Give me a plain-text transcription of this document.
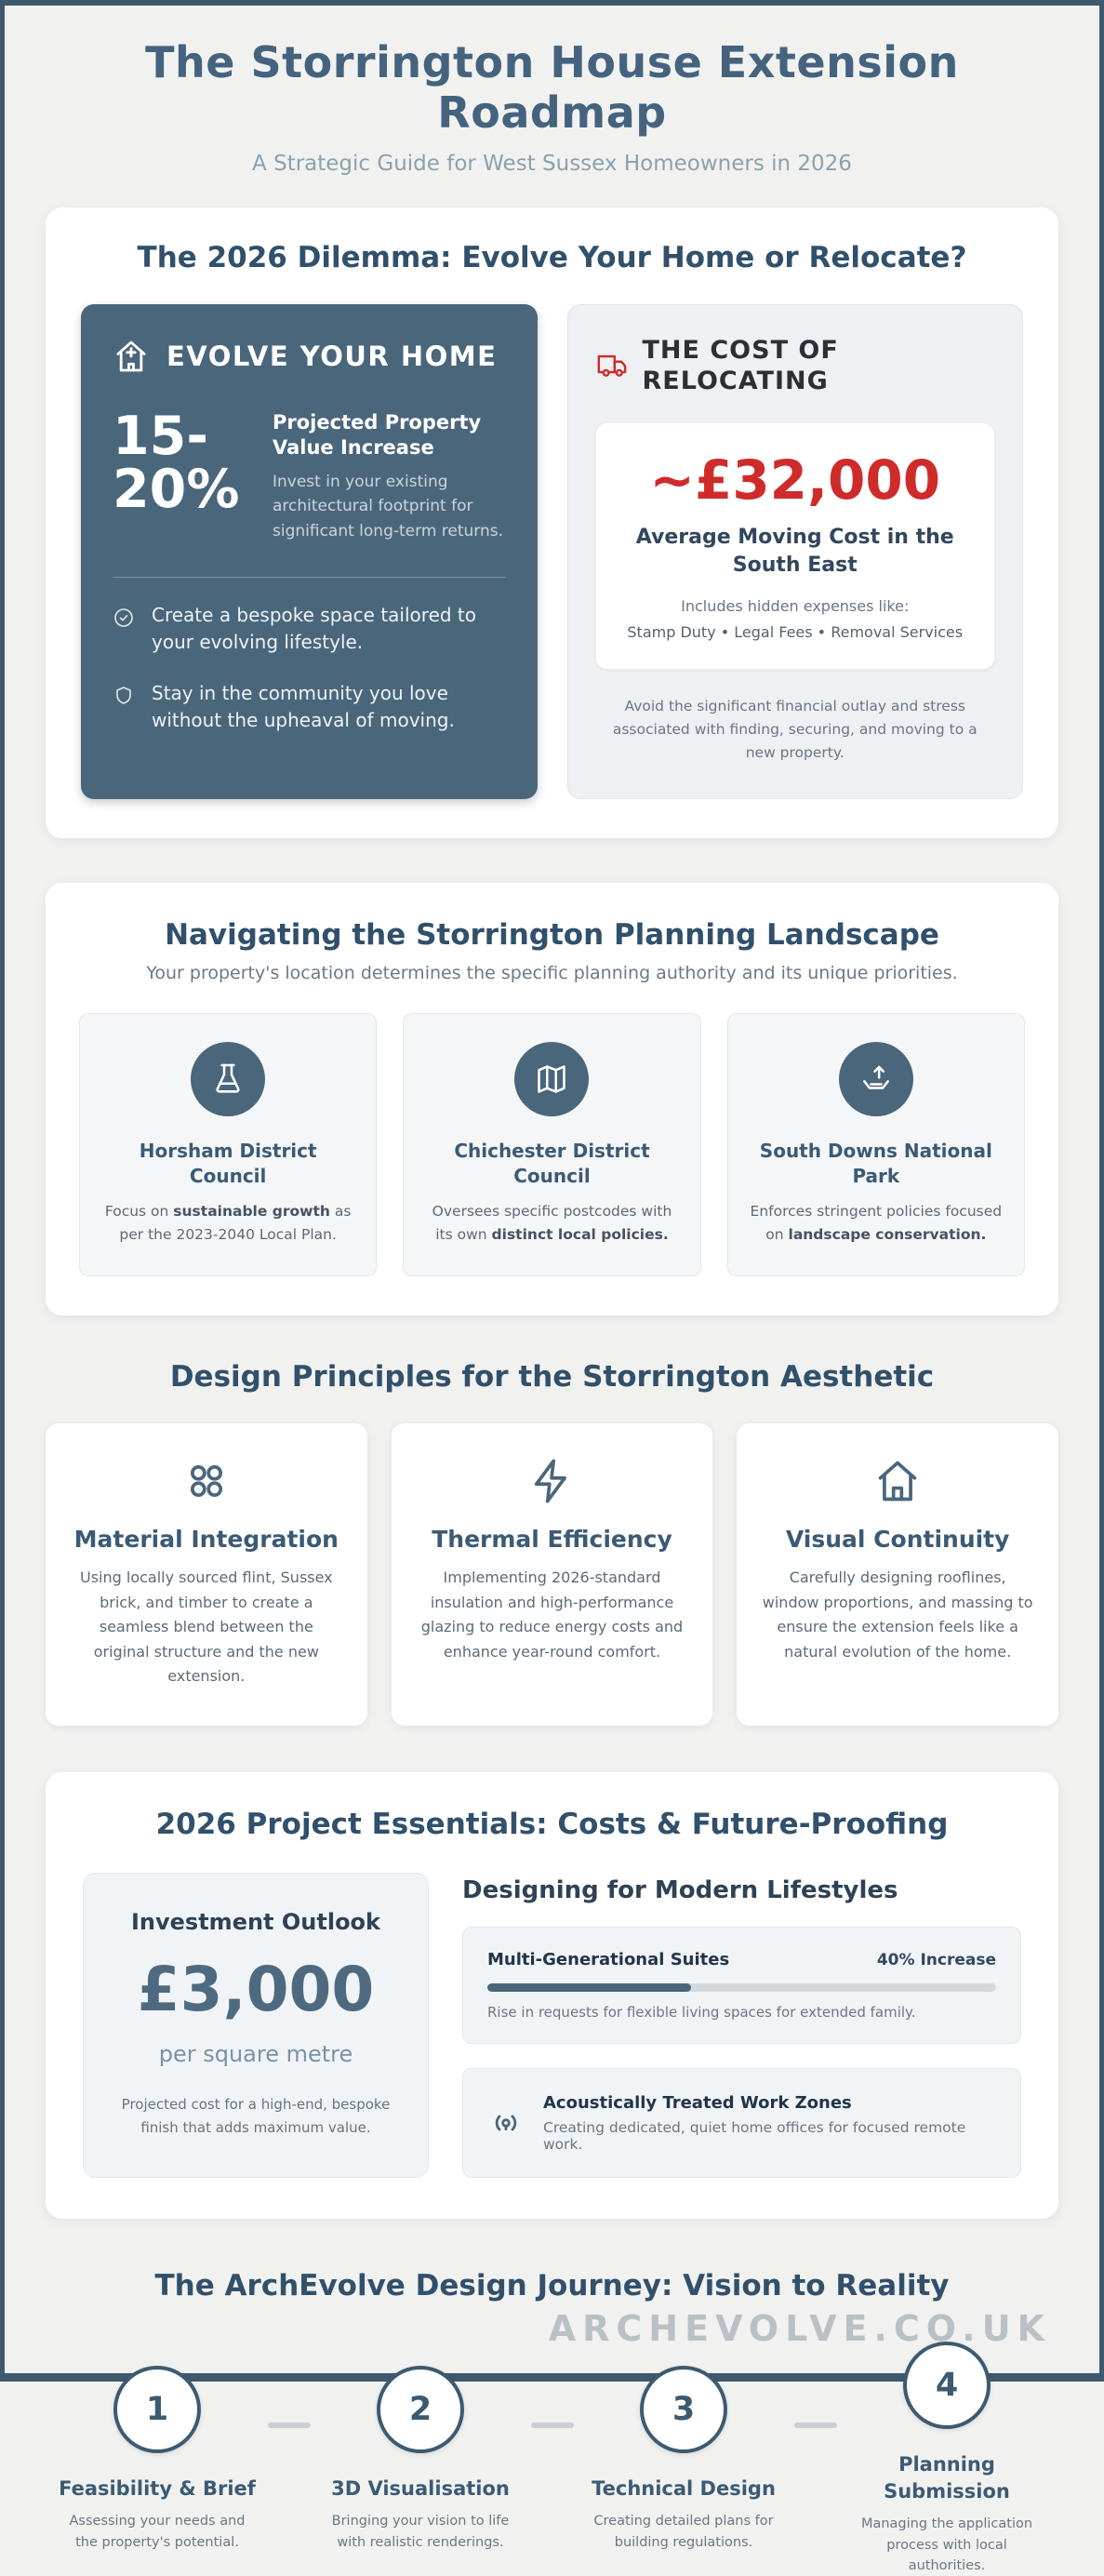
The Storrington House Extension Roadmap
A Strategic Guide for West Sussex Homeowners in 2026
The 2026 Dilemma: Evolve Your Home or Relocate?
EVOLVE YOUR HOME
15-20%
Projected Property Value Increase
Invest in your existing architectural footprint for significant long-term returns.
Create a bespoke space tailored to your evolving lifestyle.
Stay in the community you love without the upheaval of moving.
THE COST OF RELOCATING
~£32,000
Average Moving Cost in the South East
Includes hidden expenses like:
Stamp Duty • Legal Fees • Removal Services
Avoid the significant financial outlay and stress associated with finding, securing, and moving to a new property.
Navigating the Storrington Planning Landscape
Your property's location determines the specific planning authority and its unique priorities.
Horsham District Council

Focus on sustainable growth as per the 2023-2040 Local Plan.

Chichester District Council

Oversees specific postcodes with its own distinct local policies.

South Downs National Park

Enforces stringent policies focused on landscape conservation.

Design Principles for the Storrington Aesthetic
Material Integration

Using locally sourced flint, Sussex brick, and timber to create a seamless blend between the original structure and the new extension.

Thermal Efficiency

Implementing 2026-standard insulation and high-performance glazing to reduce energy costs and enhance year-round comfort.

Visual Continuity

Carefully designing rooflines, window proportions, and massing to ensure the extension feels like a natural evolution of the home.

2026 Project Essentials: Costs & Future-Proofing
Investment Outlook
£3,000
per square metre

Projected cost for a high-end, bespoke finish that adds maximum value.

Designing for Modern Lifestyles
Multi-Generational Suites	40% Increase
Rise in requests for flexible living spaces for extended family.
Acoustically Treated Work Zones
Creating dedicated, quiet home offices for focused remote work.
The ArchEvolve Design Journey: Vision to Reality
1
Feasibility & Brief
Assessing your needs and the property's potential.
2
3D Visualisation
Bringing your vision to life with realistic renderings.
3
Technical Design
Creating detailed plans for building regulations.
4
Planning Submission
Managing the application process with local authorities.
ARCHEVOLVE.CO.UK
